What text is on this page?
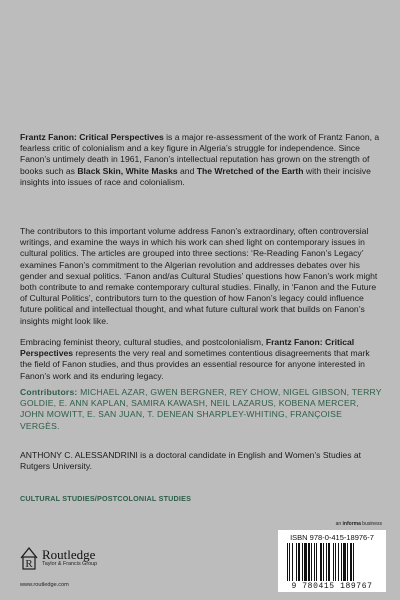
Frantz Fanon: Critical Perspectives is a major re-assessment of the work of Frantz Fanon, a fearless critic of colonialism and a key figure in Algeria’s struggle for independence. Since Fanon’s untimely death in 1961, Fanon’s intellectual reputation has grown on the strength of books such as Black Skin, White Masks and The Wretched of the Earth with their incisive insights into issues of race and colonialism.

The contributors to this important volume address Fanon’s extraordinary, often controversial writings, and examine the ways in which his work can shed light on contemporary issues in cultural politics. The articles are grouped into three sections: ‘Re-Reading Fanon’s Legacy’ examines Fanon’s commitment to the Algerian revolution and addresses debates over his gender and sexual politics. ‘Fanon and/as Cultural Studies’ questions how Fanon’s work might both contribute to and remake contemporary cultural studies. Finally, in ‘Fanon and the Future of Cultural Politics’, contributors turn to the question of how Fanon’s legacy could influence future political and intellectual thought, and what future cultural work that builds on Fanon’s insights might look like.

Embracing feminist theory, cultural studies, and postcolonialism, Frantz Fanon: Critical Perspectives represents the very real and sometimes contentious disagreements that mark the field of Fanon studies, and thus provides an essential resource for anyone interested in Fanon’s work and its enduring legacy.

Contributors: MICHAEL AZAR, GWEN BERGNER, REY CHOW, NIGEL GIBSON, TERRY GOLDIE, E. ANN KAPLAN, SAMIRA KAWASH, NEIL LAZARUS, KOBENA MERCER, JOHN MOWITT, E. SAN JUAN, T. DENEAN SHARPLEY-WHITING, FRANÇOISE VERGÈS.

ANTHONY C. ALESSANDRINI is a doctoral candidate in English and Women’s Studies at Rutgers University.

CULTURAL STUDIES/POSTCOLONIAL STUDIES
an informa business
R
Routledge
Taylor & Francis Group
www.routledge.com
ISBN 978-0-415-18976-7
9 780415 189767
